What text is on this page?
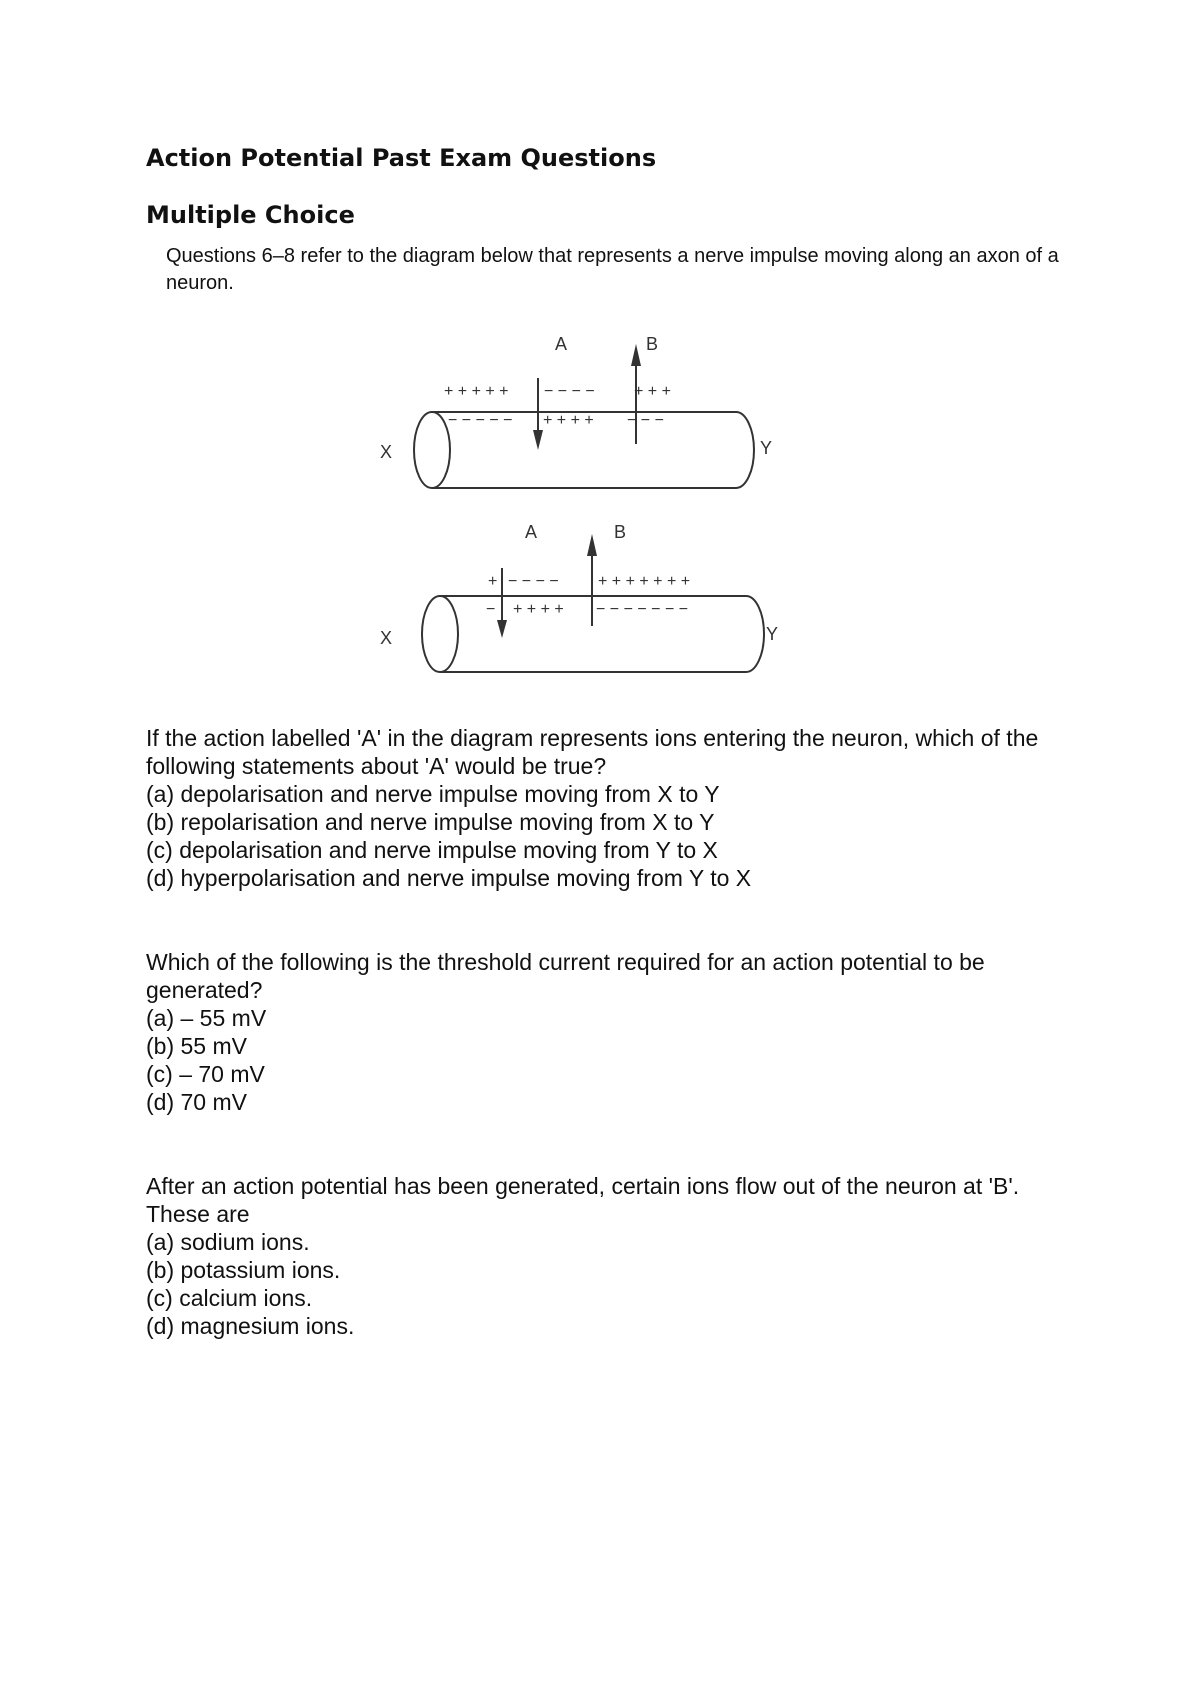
Action Potential Past Exam Questions
Multiple Choice

Questions 6–8 refer to the diagram below that represents a nerve impulse moving along an axon of a neuron.

A	B
+ + + + + − − − − + + +
− − − − − + + + + − − −
X	Y
A	B
+ − − − − + + + + + + +
− + + + + − − − − − − −
X	Y

If the action labelled 'A' in the diagram represents ions entering the neuron, which of the following statements about 'A' would be true?

(a) depolarisation and nerve impulse moving from X to Y

(b) repolarisation and nerve impulse moving from X to Y

(c) depolarisation and nerve impulse moving from Y to X

(d) hyperpolarisation and nerve impulse moving from Y to X

Which of the following is the threshold current required for an action potential to be generated?

(a) – 55 mV

(b) 55 mV

(c) – 70 mV

(d) 70 mV

After an action potential has been generated, certain ions flow out of the neuron at 'B'.

These are

(a) sodium ions.

(b) potassium ions.

(c) calcium ions.

(d) magnesium ions.
